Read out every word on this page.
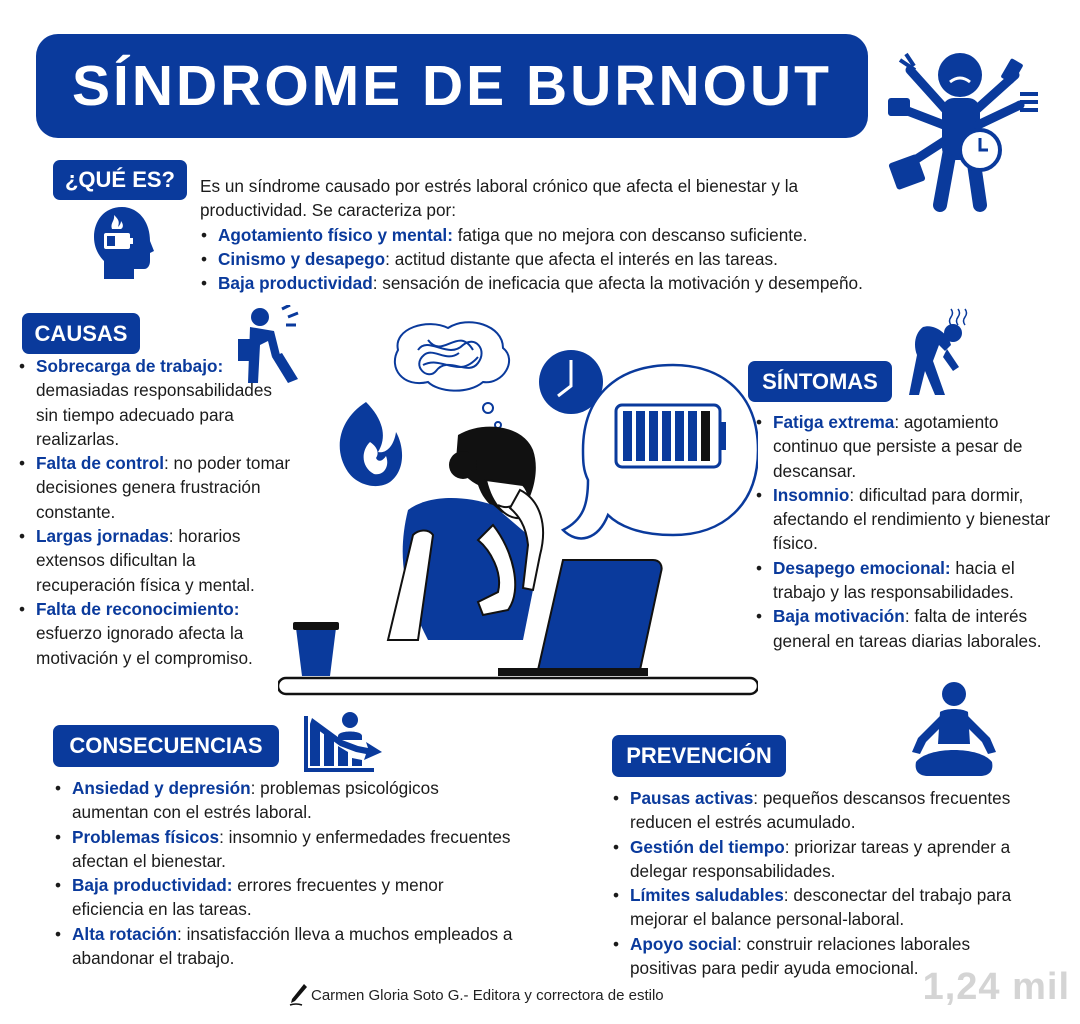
SÍNDROME DE BURNOUT
¿QUÉ ES? Es un síndrome causado por estrés laboral crónico que afecta el bienestar y la productividad. Se caracteriza por:
• Agotamiento físico y mental: fatiga que no mejora con descanso suficiente.
• Cinismo y desapego: actitud distante que afecta el interés en las tareas.
• Baja productividad: sensación de ineficacia que afecta la motivación y desempeño.
CAUSAS
• Sobrecarga de trabajo: demasiadas responsabilidades sin tiempo adecuado para realizarlas.
• Falta de control: no poder tomar decisiones genera frustración constante.
• Largas jornadas: horarios extensos dificultan la recuperación física y mental.
• Falta de reconocimiento: esfuerzo ignorado afecta la motivación y el compromiso.
SÍNTOMAS
• Fatiga extrema: agotamiento continuo que persiste a pesar de descansar.
• Insomnio: dificultad para dormir, afectando el rendimiento y bienestar físico.
• Desapego emocional: hacia el trabajo y las responsabilidades.
• Baja motivación: falta de interés general en tareas diarias laborales.
CONSECUENCIAS
• Ansiedad y depresión: problemas psicológicos aumentan con el estrés laboral.
• Problemas físicos: insomnio y enfermedades frecuentes afectan el bienestar.
• Baja productividad: errores frecuentes y menor eficiencia en las tareas.
• Alta rotación: insatisfacción lleva a muchos empleados a abandonar el trabajo.
PREVENCIÓN
• Pausas activas: pequeños descansos frecuentes reducen el estrés acumulado.
• Gestión del tiempo: priorizar tareas y aprender a delegar responsabilidades.
• Límites saludables: desconectar del trabajo para mejorar el balance personal-laboral.
• Apoyo social: construir relaciones laborales positivas para pedir ayuda emocional.
Carmen Gloria Soto G.- Editora y correctora de estilo	1,24 mil
